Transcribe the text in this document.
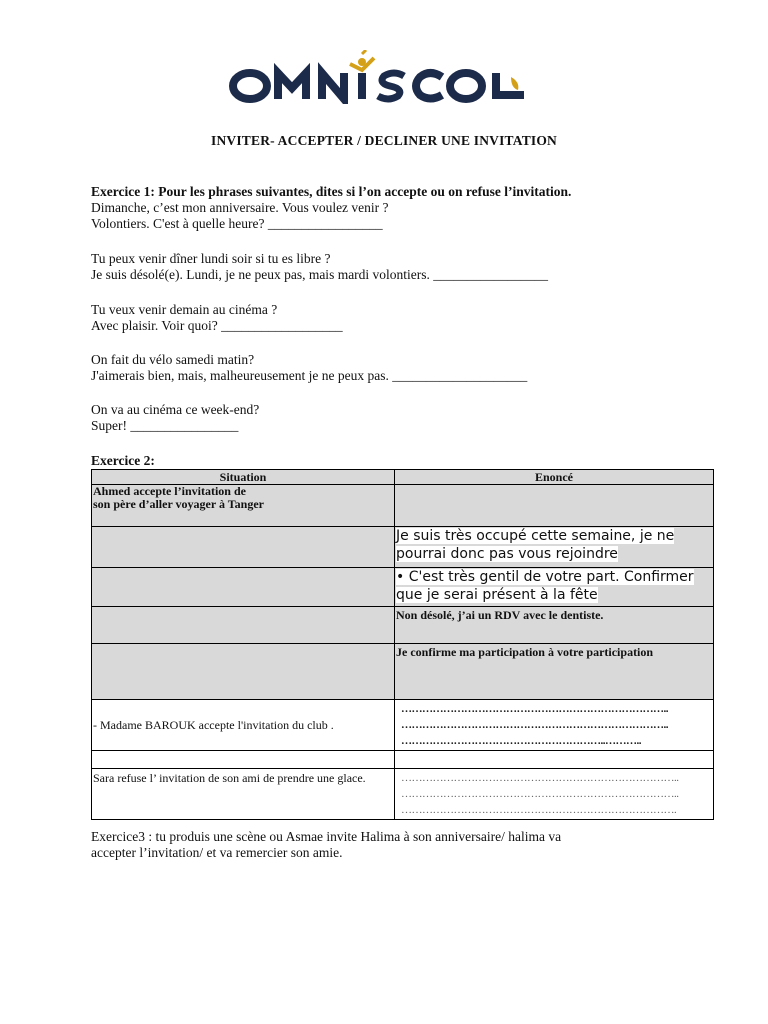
INVITER- ACCEPTER / DECLINER UNE INVITATION
Exercice 1: Pour les phrases suivantes, dites si l’on accepte ou on refuse l’invitation.
Dimanche, c’est mon anniversaire. Vous voulez venir ?
Volontiers. C'est à quelle heure? _________________
Tu peux venir dîner lundi soir si tu es libre ?
Je suis désolé(e). Lundi, je ne peux pas, mais mardi volontiers. _________________
Tu veux venir demain au cinéma ?
Avec plaisir. Voir quoi? __________________
On fait du vélo samedi matin?
J'aimerais bien, mais, malheureusement je ne peux pas. ____________________
On va au cinéma ce week-end?
Super! ________________
Exercice 2:
Situation	Enoncé
Ahmed accepte l’invitation de son père d’aller voyager à Tanger	
	Je suis très occupé cette semaine, je ne pourrai donc pas vous rejoindre
	• C'est très gentil de votre part. Confirmer que je serai présent à la fête
	Non désolé, j’ai un RDV avec le dentiste.
	Je confirme ma participation à votre participation
- Madame BAROUK accepte l'invitation du club .	…………………………………………………………………..
…………………………………………………………………..
…………………………………………………..………..

Sara refuse l’ invitation de son ami de prendre une glace.	……………………………………………………………………..
……………………………………………………………………..
…………………………………………………………………….
Exercice3 : tu produis une scène ou Asmae invite Halima à son anniversaire/ halima va
accepter l’invitation/ et va remercier son amie.
